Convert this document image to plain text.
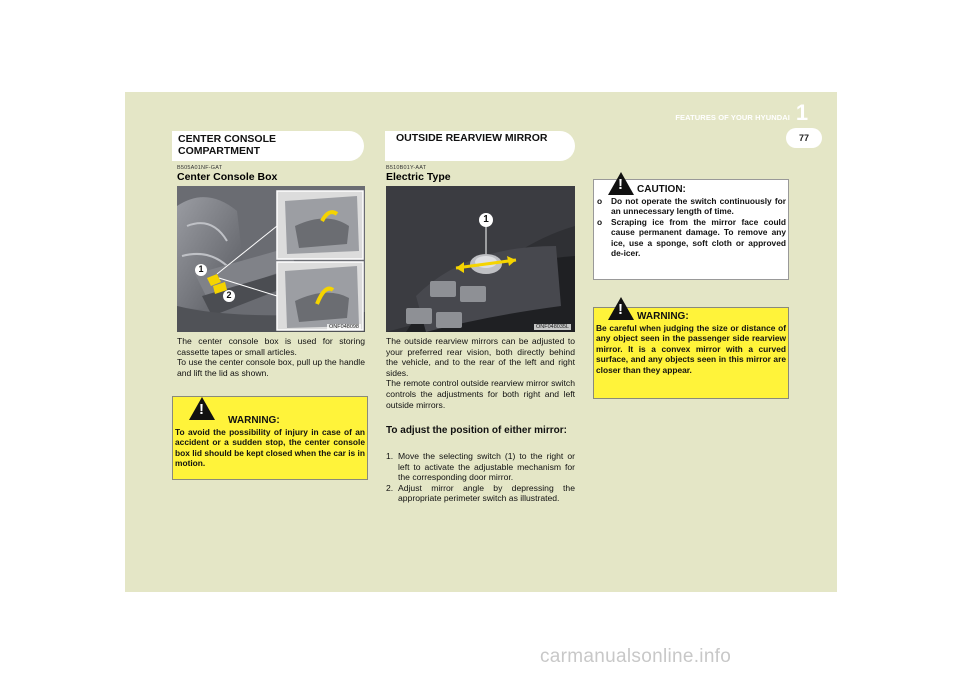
1
FEATURES OF YOUR HYUNDAI
77
CENTER CONSOLE COMPARTMENT
B505A01NF-GAT
Center Console Box
1
2
ONF048098
The center console box is used for storing cassette tapes or small articles.
To use the center console box, pull up the handle and lift the lid as shown.
!
WARNING:
To avoid the possibility of injury in case of an accident or a sudden stop, the center console box lid should be kept closed when the car is in motion.
OUTSIDE REARVIEW MIRROR
B510B01Y-AAT
Electric Type
1
ONF048035L
The outside rearview mirrors can be adjusted to your preferred rear vision, both directly behind the vehicle, and to the rear of the left and right sides.
The remote control outside rearview mirror switch controls the adjustments for both right and left outside mirrors.
To adjust the position of either mirror:
1. Move the selecting switch (1) to the right or left to activate the adjustable mechanism for the corresponding door mirror.
2. Adjust mirror angle by depressing the appropriate perimeter switch as illustrated.
! CAUTION:
o	Do not operate the switch continuously for an unnecessary length of time.
o	Scraping ice from the mirror face could cause permanent damage. To remove any ice, use a sponge, soft cloth or approved de-icer.
! WARNING:
Be careful when judging the size or distance of any object seen in the passenger side rearview mirror. It is a convex mirror with a curved surface, and any objects seen in this mirror are closer than they appear.
carmanualsonline.info
